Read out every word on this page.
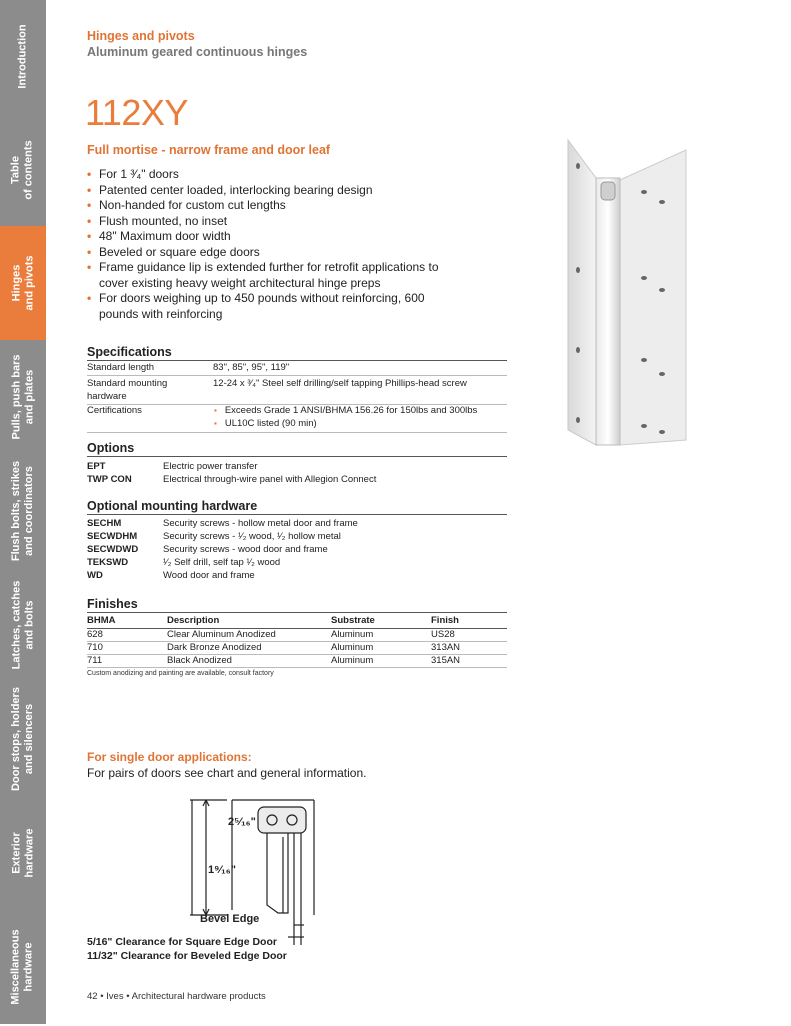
Introduction
Table
of contents
Hinges
and pivots
Pulls, push bars
and plates
Flush bolts, strikes
and coordinators
Latches, catches
and bolts
Door stops, holders
and silencers
Exterior
hardware
Miscellaneous
hardware
Hinges and pivots
Aluminum geared continuous hinges
112XY
Full mortise - narrow frame and door leaf
• For 1 ³⁄₄" doors
• Patented center loaded, interlocking bearing design
• Non-handed for custom cut lengths
• Flush mounted, no inset
• 48" Maximum door width
• Beveled or square edge doors
• Frame guidance lip is extended further for retrofit applications to cover existing heavy weight architectural hinge preps
• For doors weighing up to 450 pounds without reinforcing, 600 pounds with reinforcing
Specifications
Standard length	83", 85", 95", 119"
Standard mounting hardware
12-24 x ³⁄₄" Steel self drilling/self tapping Phillips-head screw
Certifications
▪	Exceeds Grade 1 ANSI/BHMA 156.26 for 150lbs and 300lbs
▪ UL10C listed (90 min)
Options
EPT	Electric power transfer
TWP CON	Electrical through-wire panel with Allegion Connect
Optional mounting hardware
SECHM	Security screws - hollow metal door and frame
SECWDHM	Security screws - ¹⁄₂ wood, ¹⁄₂ hollow metal
SECWDWD	Security screws - wood door and frame
TEKSWD	¹⁄₂ Self drill, self tap ¹⁄₂ wood
WD	Wood door and frame
Finishes
BHMA	Description	Substrate	Finish
628	Clear Aluminum Anodized	Aluminum	US28
710	Dark Bronze Anodized	Aluminum	313AN
711	Black Anodized	Aluminum	315AN
Custom anodizing and painting are available, consult factory
For single door applications:
For pairs of doors see chart and general information.
2⁵⁄₁₆"
1⁹⁄₁₆"
Bevel Edge
5/16" Clearance for Square Edge Door
11/32" Clearance for Beveled Edge Door
42 • Ives • Architectural hardware products
